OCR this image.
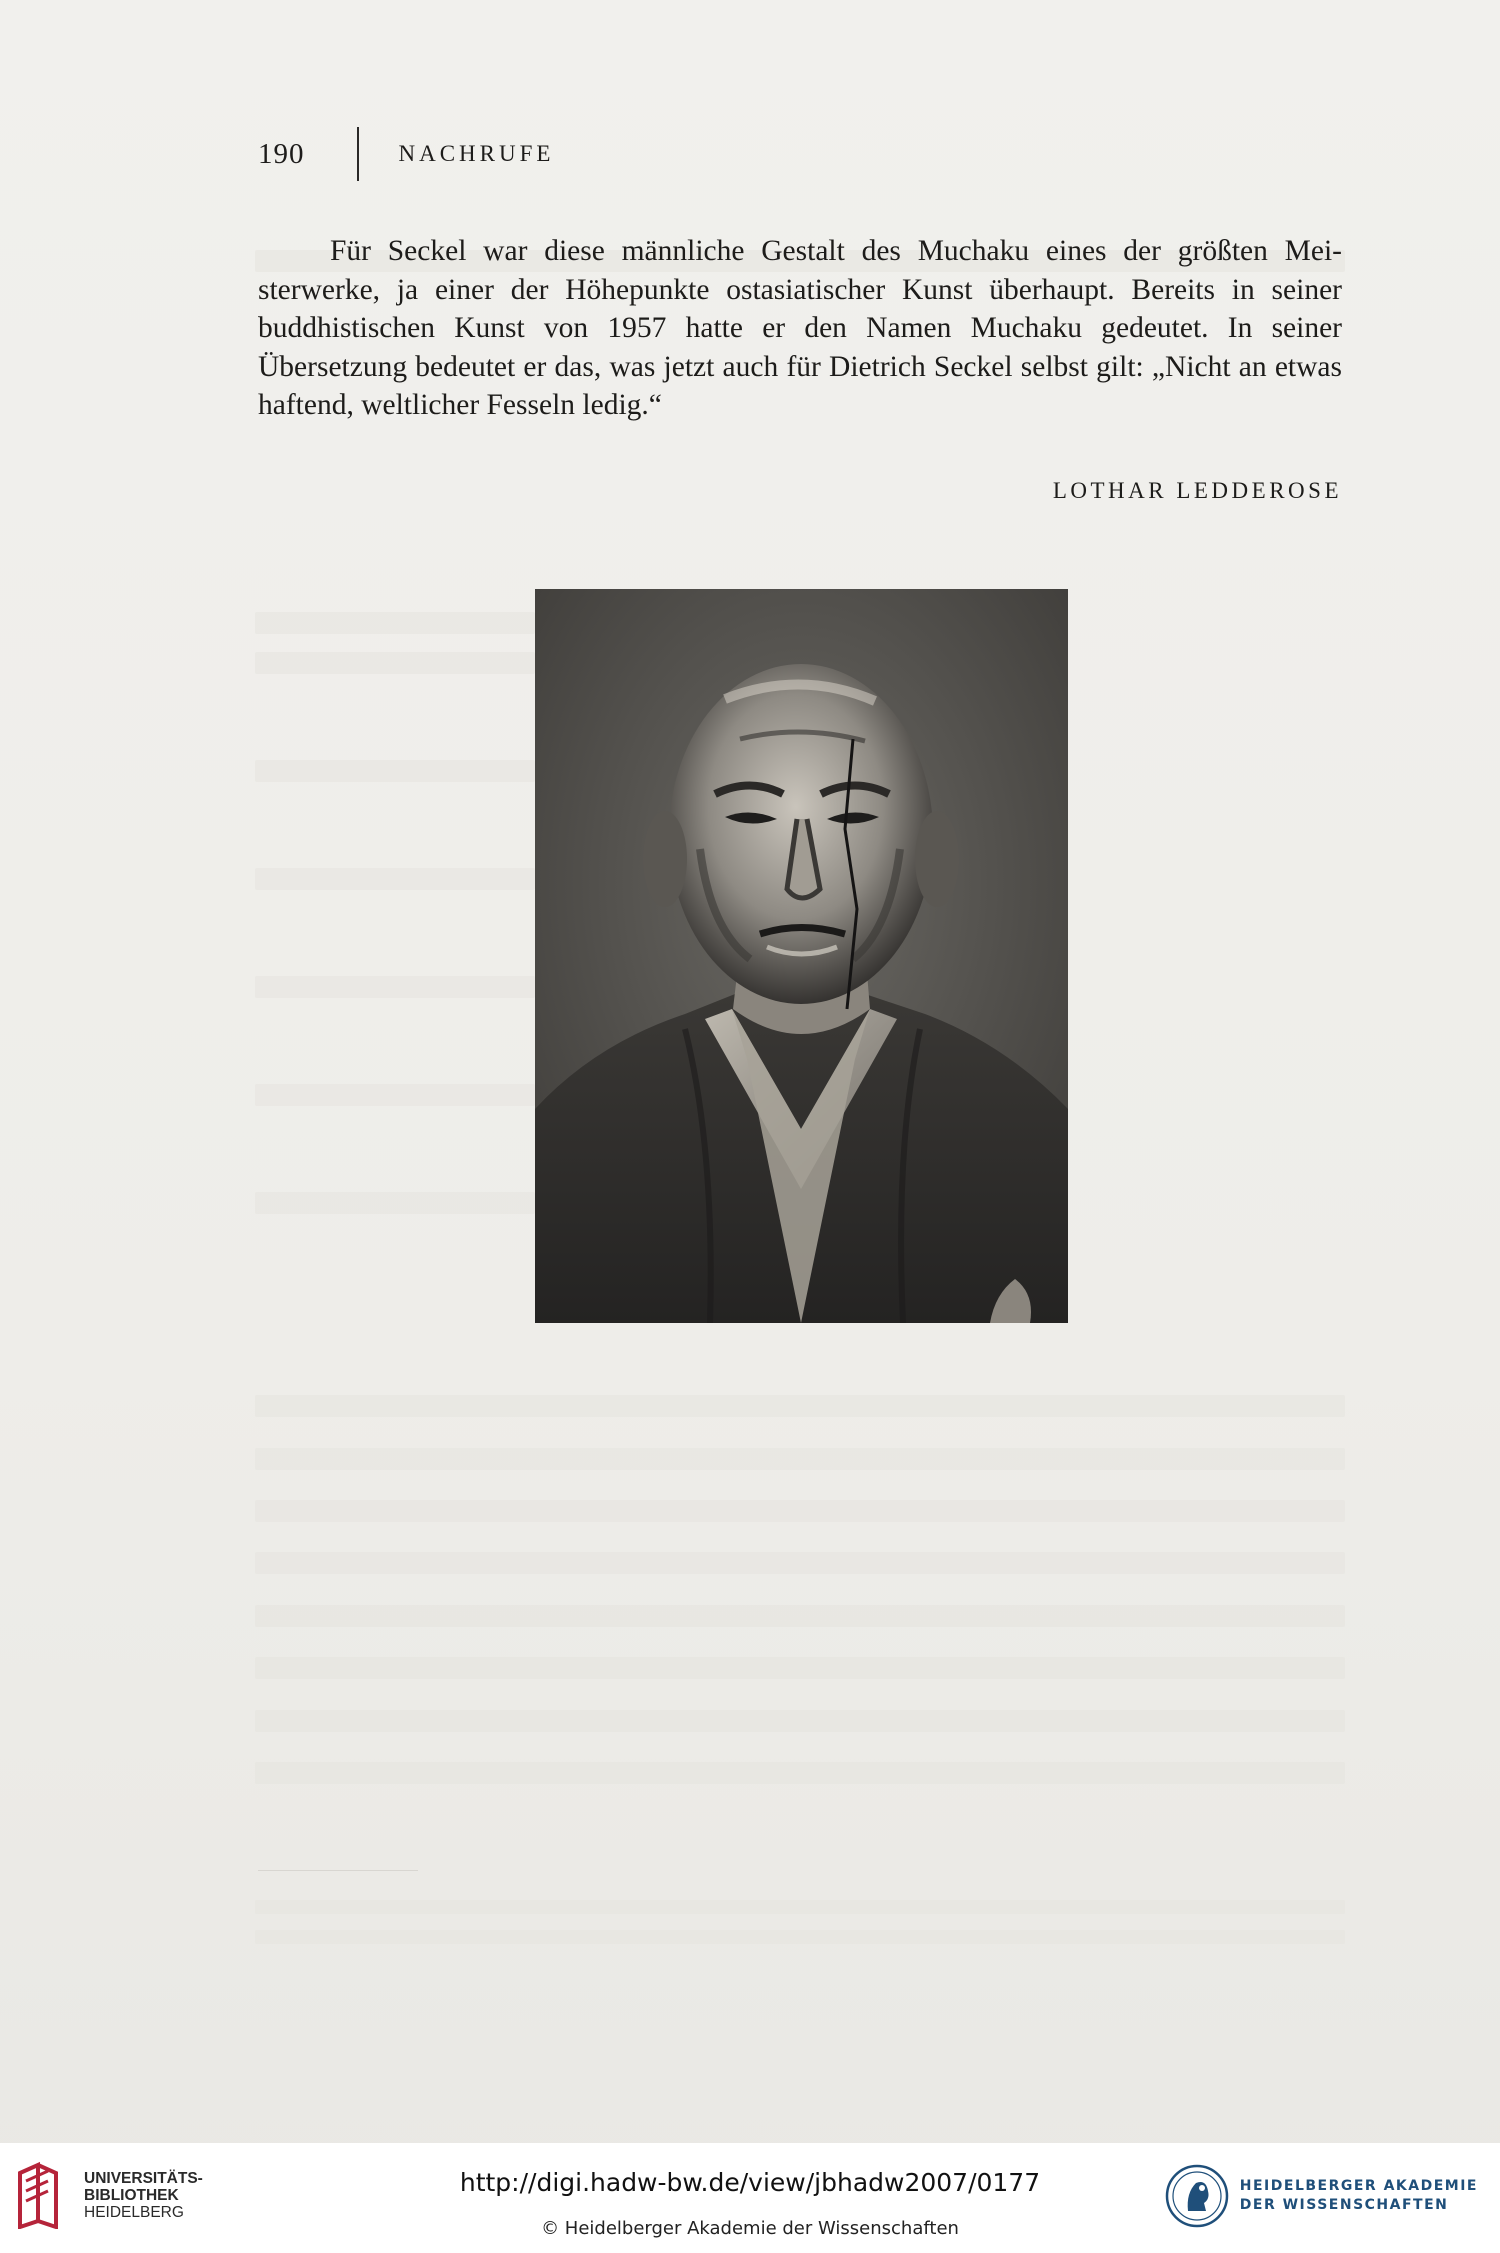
190	NACHRUFE

Für Seckel war diese männliche Gestalt des Muchaku eines der größten Meisterwerke, ja einer der Höhepunkte ostasiatischer Kunst überhaupt. Bereits in seiner buddhistischen Kunst von 1957 hatte er den Namen Muchaku gedeutet. In seiner Übersetzung bedeutet er das, was jetzt auch für Dietrich Seckel selbst gilt: „Nicht an etwas haftend, weltlicher Fesseln ledig.“

LOTHAR LEDDEROSE
UNIVERSITÄTS-
BIBLIOTHEK
HEIDELBERG
http://digi.hadw-bw.de/view/jbhadw2007/0177
© Heidelberger Akademie der Wissenschaften
HEIDELBERGER AKADEMIE
DER WISSENSCHAFTEN
